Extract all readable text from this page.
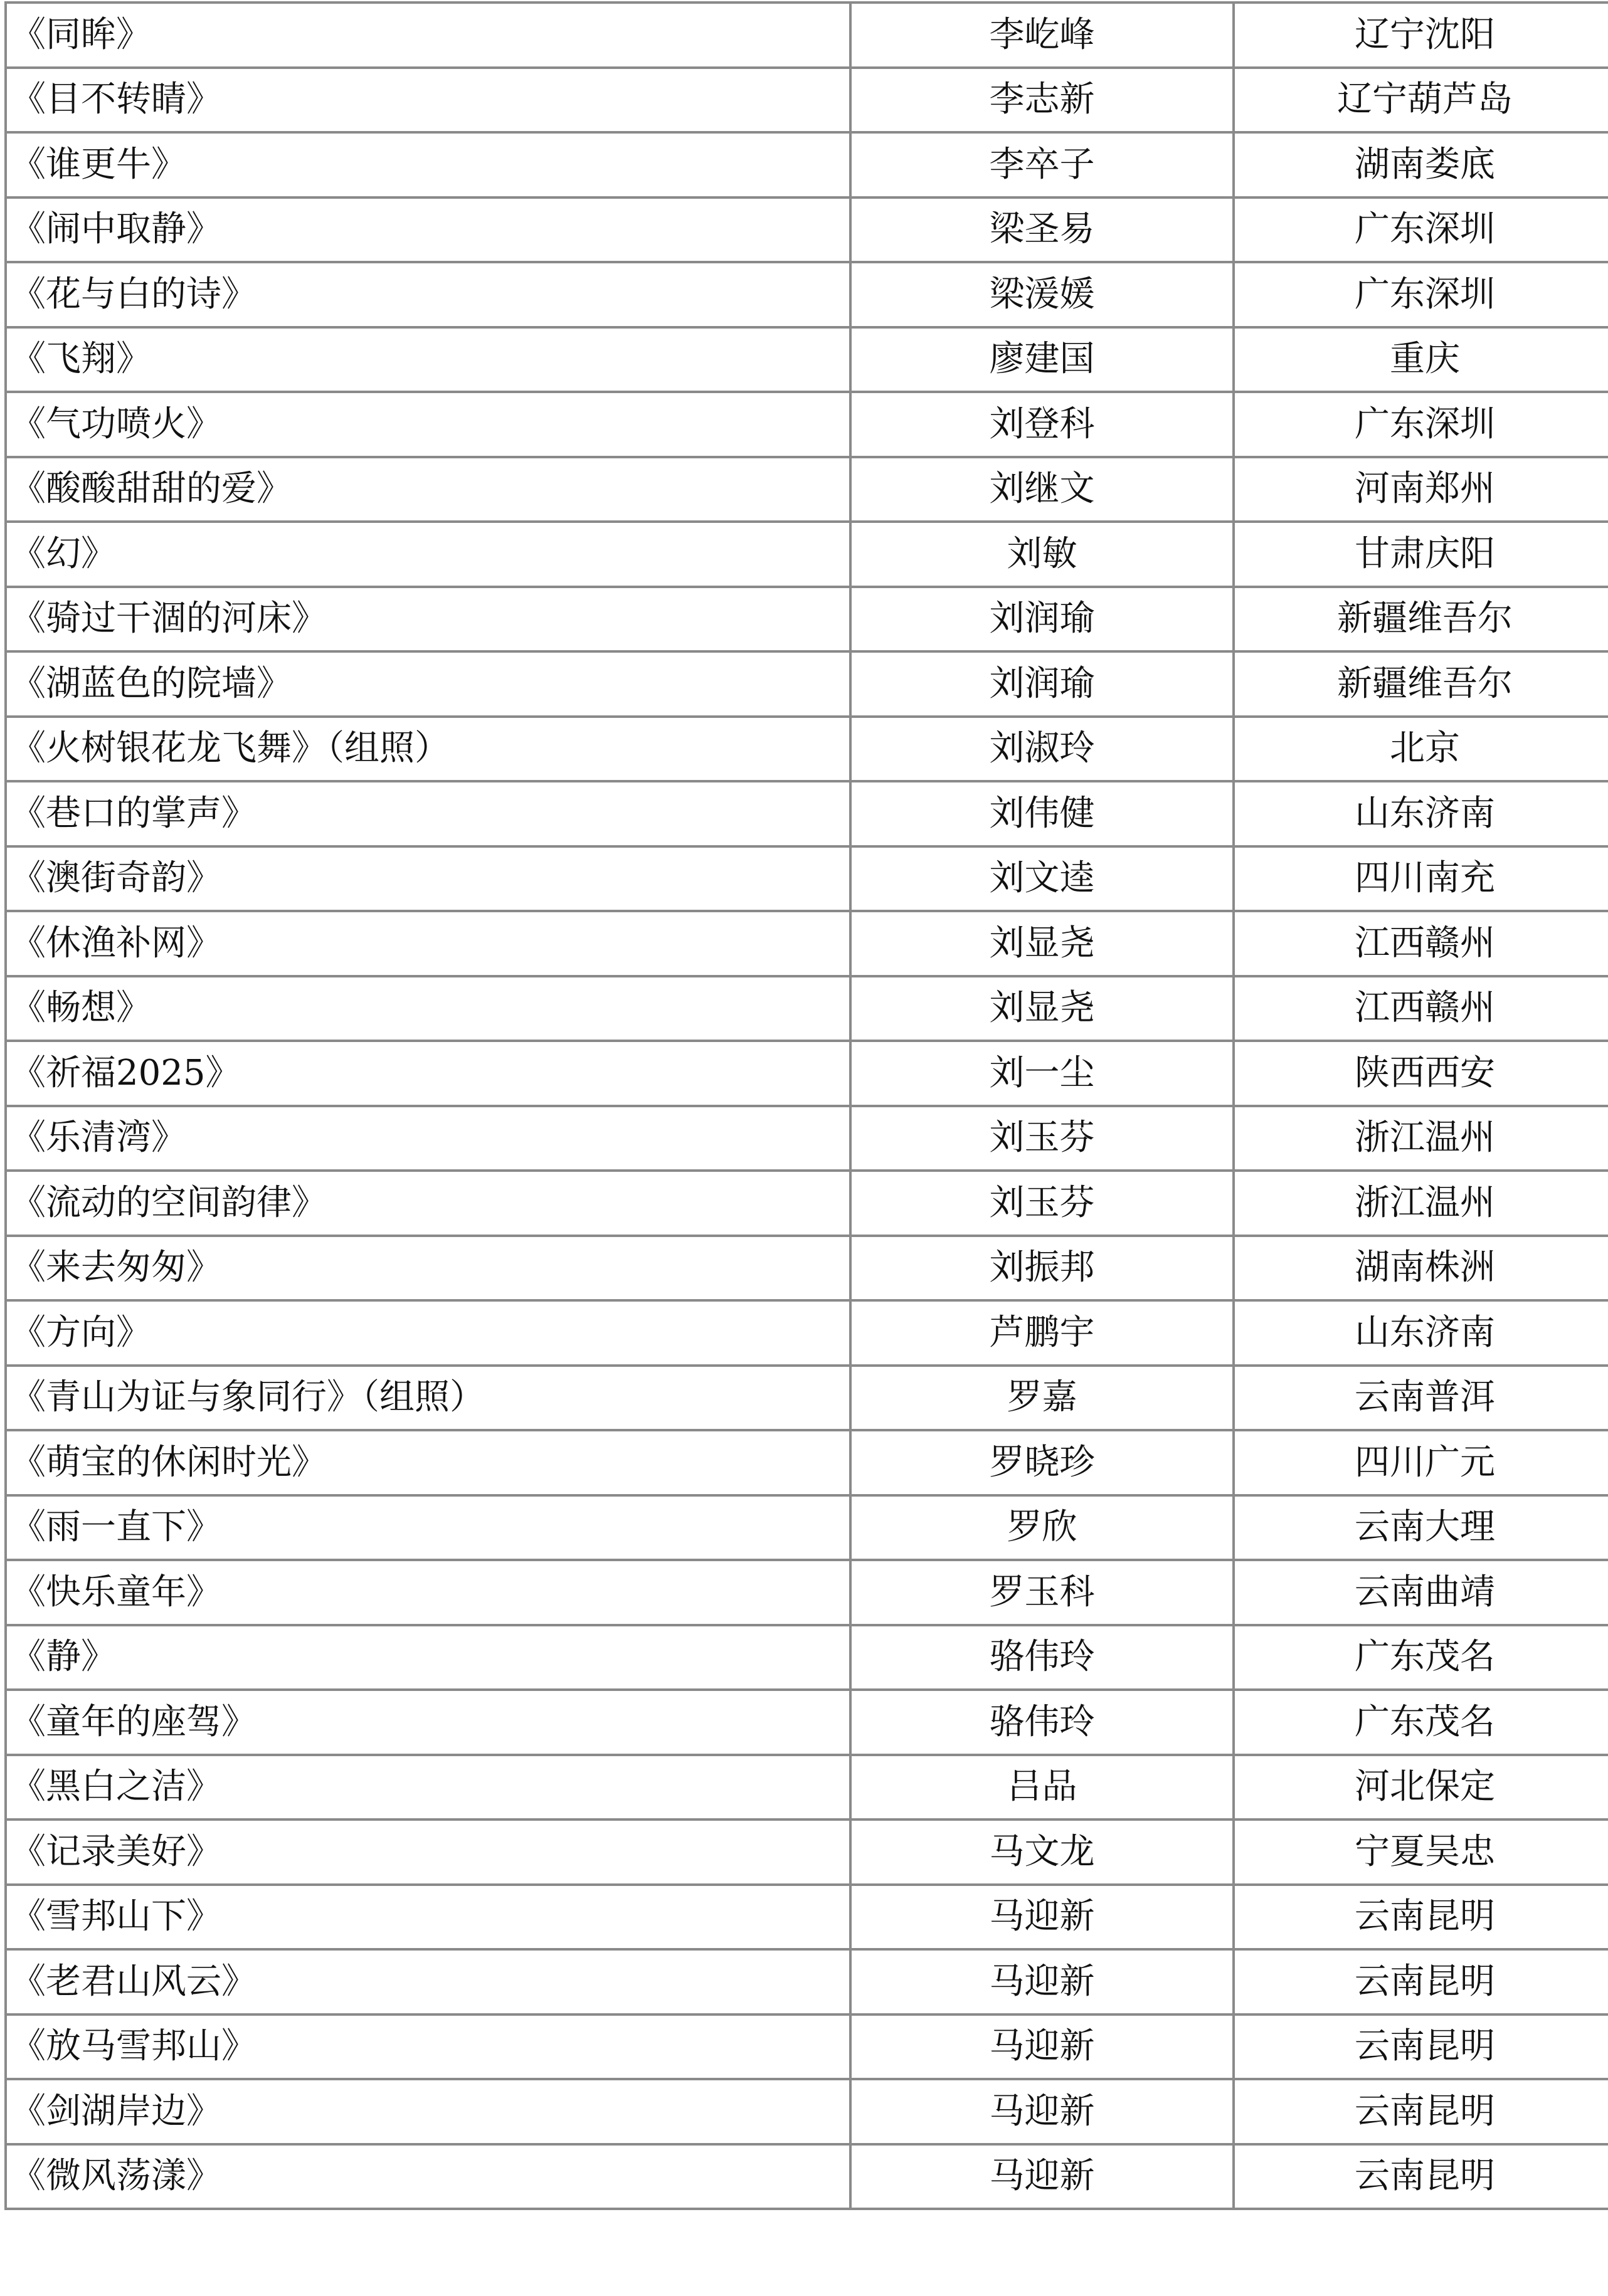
《同眸》	李屹峰	辽宁沈阳
《目不转睛》	李志新	辽宁葫芦岛
《谁更牛》	李卒子	湖南娄底
《闹中取静》	梁圣易	广东深圳
《花与白的诗》	梁湲媛	广东深圳
《飞翔》	廖建国	重庆
《气功喷火》	刘登科	广东深圳
《酸酸甜甜的爱》	刘继文	河南郑州
《幻》	刘敏	甘肃庆阳
《骑过干涸的河床》	刘润瑜	新疆维吾尔
《湖蓝色的院墙》	刘润瑜	新疆维吾尔
《火树银花龙飞舞》（组照）	刘淑玲	北京
《巷口的掌声》	刘伟健	山东济南
《澳街奇韵》	刘文逵	四川南充
《休渔补网》	刘显尧	江西赣州
《畅想》	刘显尧	江西赣州
《祈福2025》	刘一尘	陕西西安
《乐清湾》	刘玉芬	浙江温州
《流动的空间韵律》	刘玉芬	浙江温州
《来去匆匆》	刘振邦	湖南株洲
《方向》	芦鹏宇	山东济南
《青山为证与象同行》（组照）	罗嘉	云南普洱
《萌宝的休闲时光》	罗晓珍	四川广元
《雨一直下》	罗欣	云南大理
《快乐童年》	罗玉科	云南曲靖
《静》	骆伟玲	广东茂名
《童年的座驾》	骆伟玲	广东茂名
《黑白之洁》	吕品	河北保定
《记录美好》	马文龙	宁夏吴忠
《雪邦山下》	马迎新	云南昆明
《老君山风云》	马迎新	云南昆明
《放马雪邦山》	马迎新	云南昆明
《剑湖岸边》	马迎新	云南昆明
《微风荡漾》	马迎新	云南昆明
